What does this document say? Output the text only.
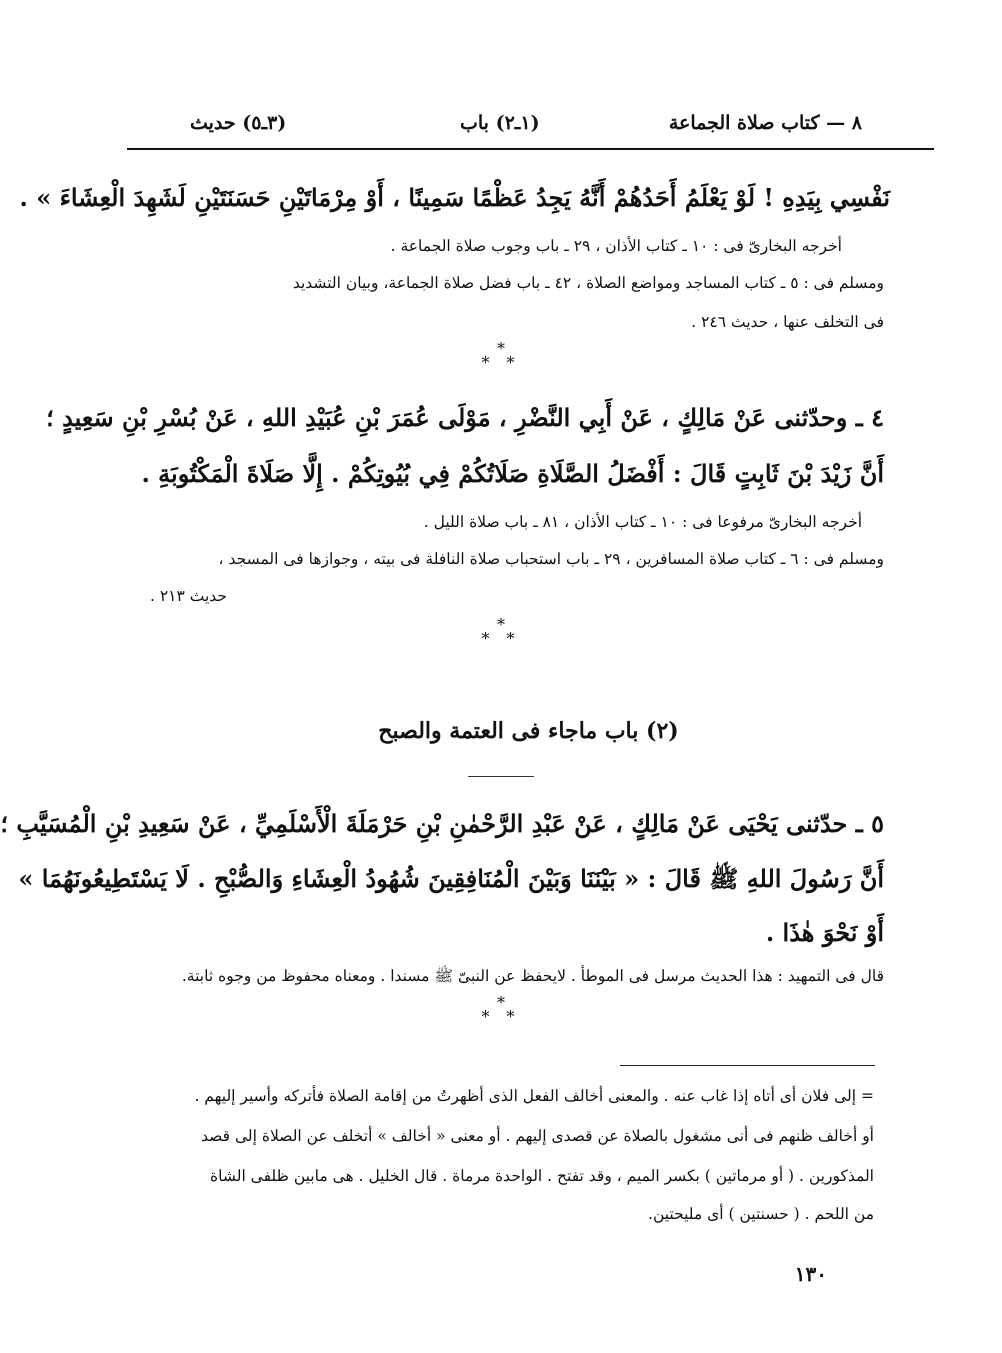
٨ — كتاب صلاة الجماعة
(١ـ٢) باب
(٣ـ٥) حديث
نَفْسِي بِيَدِهِ ! لَوْ يَعْلَمُ أَحَدُهُمْ أَنَّهُ يَجِدُ عَظْمًا سَمِينًا ، أَوْ مِرْمَاتَيْنِ حَسَنَتَيْنِ لَشَهِدَ الْعِشَاءَ » .
أخرجه البخارىّ فى : ١٠ ـ كتاب الأذان ، ٢٩ ـ باب وجوب صلاة الجماعة .
ومسلم فى : ٥ ـ كتاب المساجد ومواضع الصلاة ، ٤٢ ـ باب فضل صلاة الجماعة، وبيان التشديد
فى التخلف عنها ، حديث ٢٤٦ .
*
* *
٤ ـ وحدّثنى عَنْ مَالِكٍ ، عَنْ أَبِي النَّضْرِ ، مَوْلَى عُمَرَ بْنِ عُبَيْدِ اللهِ ، عَنْ بُسْرِ بْنِ سَعِيدٍ ؛
أَنَّ زَيْدَ بْنَ ثَابِتٍ قَالَ : أَفْضَلُ الصَّلَاةِ صَلَاتُكُمْ فِي بُيُوتِكُمْ . إِلَّا صَلَاةَ الْمَكْتُوبَةِ .
أخرجه البخارىّ مرفوعا فى : ١٠ ـ كتاب الأذان ، ٨١ ـ باب صلاة الليل .
ومسلم فى : ٦ ـ كتاب صلاة المسافرين ، ٢٩ ـ باب استحباب صلاة النافلة فى بيته ، وجوازها فى المسجد ،
حديث ٢١٣ .
*
* *
(٢) باب ماجاء فى العتمة والصبح
٥ ـ حدّثنى يَحْيَى عَنْ مَالِكٍ ، عَنْ عَبْدِ الرَّحْمٰنِ بْنِ حَرْمَلَةَ الْأَسْلَمِيِّ ، عَنْ سَعِيدِ بْنِ الْمُسَيَّبِ ؛
أَنَّ رَسُولَ اللهِ ﷺ قَالَ : « بَيْنَنَا وَبَيْنَ الْمُنَافِقِينَ شُهُودُ الْعِشَاءِ وَالصُّبْحِ . لَا يَسْتَطِيعُونَهُمَا »
أَوْ نَحْوَ هٰذَا .
قال فى التمهيد : هذا الحديث مرسل فى الموطأ . لايحفظ عن النبىّ ﷺ مسندا . ومعناه محفوظ من وجوه ثابتة.
*
* *
= إلى فلان أى أتاه إذا غاب عنه . والمعنى أخالف الفعل الذى أظهرتُ من إقامة الصلاة فأتركه وأسير إليهم .
أو أخالف ظنهم فى أنى مشغول بالصلاة عن قصدى إليهم . أو معنى « أخالف » أتخلف عن الصلاة إلى قصد
المذكورين . ( أو مرماتين ) بكسر الميم ، وقد تفتح . الواحدة مرماة . قال الخليل . هى مابين ظلفى الشاة
من اللحم . ( حسنتين ) أى مليحتين.
١٣٠
